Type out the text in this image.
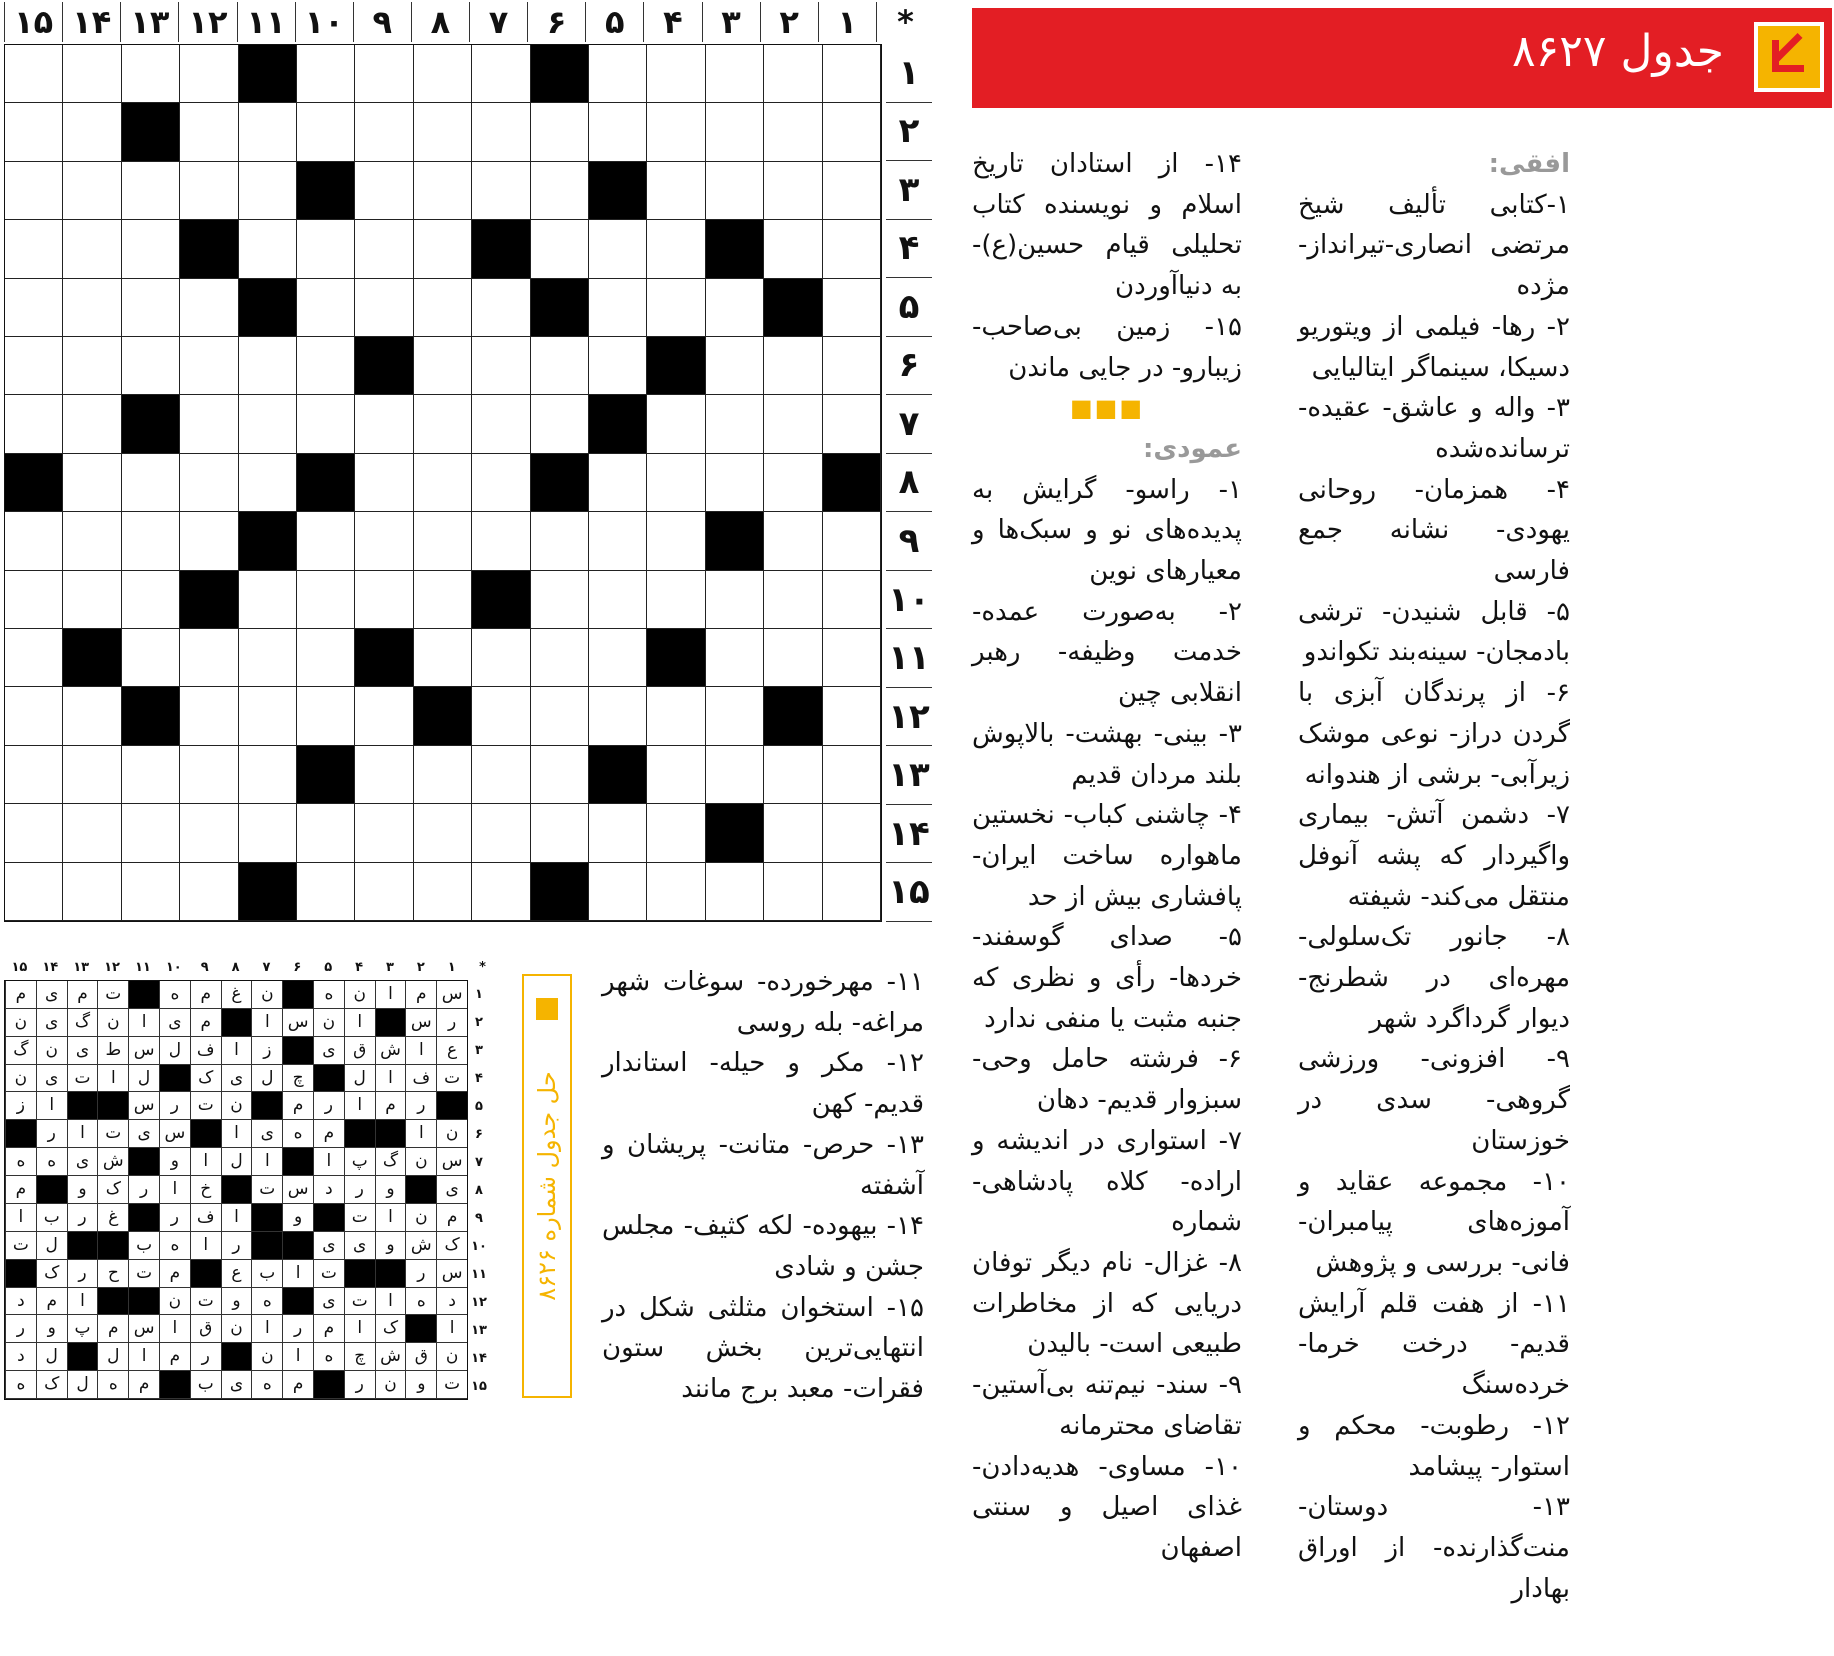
*
۱
۲
۳
۴
۵
۶
۷
۸
۹
۱۰
۱۱
۱۲
۱۳
۱۴
۱۵
۱
۲
۳
۴
۵
۶
۷
۸
۹
۱۰
۱۱
۱۲
۱۳
۱۴
۱۵
جدول ۸۶۲۷

افقی:

۱-کتابی تألیف شیخ مرتضی انصاری-تیرانداز-مژده

۲- رها- فیلمی از ویتوریو دسیکا، سینماگر ایتالیایی

۳- واله و عاشق- عقیده- ترسانده‌شده

۴- همزمان- روحانی یهودی- نشانه جمع فارسی

۵- قابل شنیدن- ترشی بادمجان- سینه‌بند تکواندو

۶- از پرندگان آبزی با گردن دراز- نوعی موشک زیرآبی- برشی از هندوانه

۷- دشمن آتش- بیماری واگیردار که پشه آنوفل منتقل می‌کند- شیفته

۸- جانور تک‌سلولی- مهره‌ای در شطرنج- دیوار گرداگرد شهر

۹- افزونی- ورزشی گروهی- سدی در خوزستان

۱۰- مجموعه عقاید و آموزه‌های پیامبران- فانی- بررسی و پژوهش

۱۱- از هفت قلم آرایش قدیم- درخت خرما- خرده‌سنگ

۱۲- رطوبت- محکم و استوار- پیشامد

۱۳- دوستان- منت‌گذارنده- از اوراق بهادار

۱۴- از استادان تاریخ اسلام و نویسنده کتاب تحلیلی قیام حسین(ع)- به دنیاآوردن

۱۵- زمین بی‌صاحب- زیبارو- در جایی ماندن

■■■

عمودی:

۱- راسو- گرایش به پدیده‌های نو و سبک‌ها و معیارهای نوین

۲- به‌صورت عمده- خدمت وظیفه- رهبر انقلابی چین

۳- بینی- بهشت- بالاپوش بلند مردان قدیم

۴- چاشنی کباب- نخستین ماهواره ساخت ایران- پافشاری بیش از حد

۵- صدای گوسفند- خردها- رأی و نظری که جنبه مثبت یا منفی ندارد

۶- فرشته حامل وحی- سبزوار قدیم- دهان

۷- استواری در اندیشه و اراده- کلاه پادشاهی- شماره

۸- غزال- نام دیگر توفان دریایی که از مخاطرات طبیعی است- بالیدن

۹- سند- نیم‌تنه بی‌آستین- تقاضای محترمانه

۱۰- مساوی- هدیه‌دادن- غذای اصیل و سنتی اصفهان

۱۱- مهرخورده- سوغات شهر مراغه- بله روسی

۱۲- مکر و حیله- استاندار قدیم- کهن

۱۳- حرص- متانت- پریشان و آشفته

۱۴- بیهوده- لکه کثیف- مجلس جشن و شادی

۱۵- استخوان مثلثی شکل در انتهایی‌ترین بخش ستون فقرات- معبد برج مانند

حل جدول شماره ۸۶۲۶
*
۱
۲
۳
۴
۵
۶
۷
۸
۹
۱۰
۱۱
۱۲
۱۳
۱۴
۱۵
س
م
ا
ن
ه
ن
غ
م
ه
ت
م
ی
م
ر
س
ا
ن
س
ا
م
ی
ا
ن
گ
ی
ن
ع
ا
ش
ق
ی
ز
ا
ف
ل
س
ط
ی
ن
گ
ت
ف
ا
ل
چ
ل
ی
ک
ل
ا
ت
ی
ن
ر
م
ا
ر
م
ن
ت
ر
س
ا
ز
ن
ا
م
ه
ی
ا
س
ی
ت
ا
ر
س
ن
گ
پ
ا
ا
ل
ا
و
ش
ی
ه
ه
ی
و
ر
د
س
ت
خ
ا
ر
ک
و
م
م
ن
ا
ت
و
ا
ف
ر
غ
ر
ب
ا
ک
ش
و
ی
ی
ر
ا
ه
ب
ل
ت
س
ر
ت
ا
ب
ع
م
ت
ح
ر
ک
د
ه
ا
ت
ی
ه
و
ت
ن
ا
م
د
ا
ک
ا
م
ر
ا
ن
ق
ا
س
م
پ
و
ر
ن
ق
ش
چ
ه
ا
ن
ر
م
ا
ل
ل
د
ت
و
ن
ر
م
ه
ی
ب
م
ه
ل
ک
ه
۱
۲
۳
۴
۵
۶
۷
۸
۹
۱۰
۱۱
۱۲
۱۳
۱۴
۱۵
